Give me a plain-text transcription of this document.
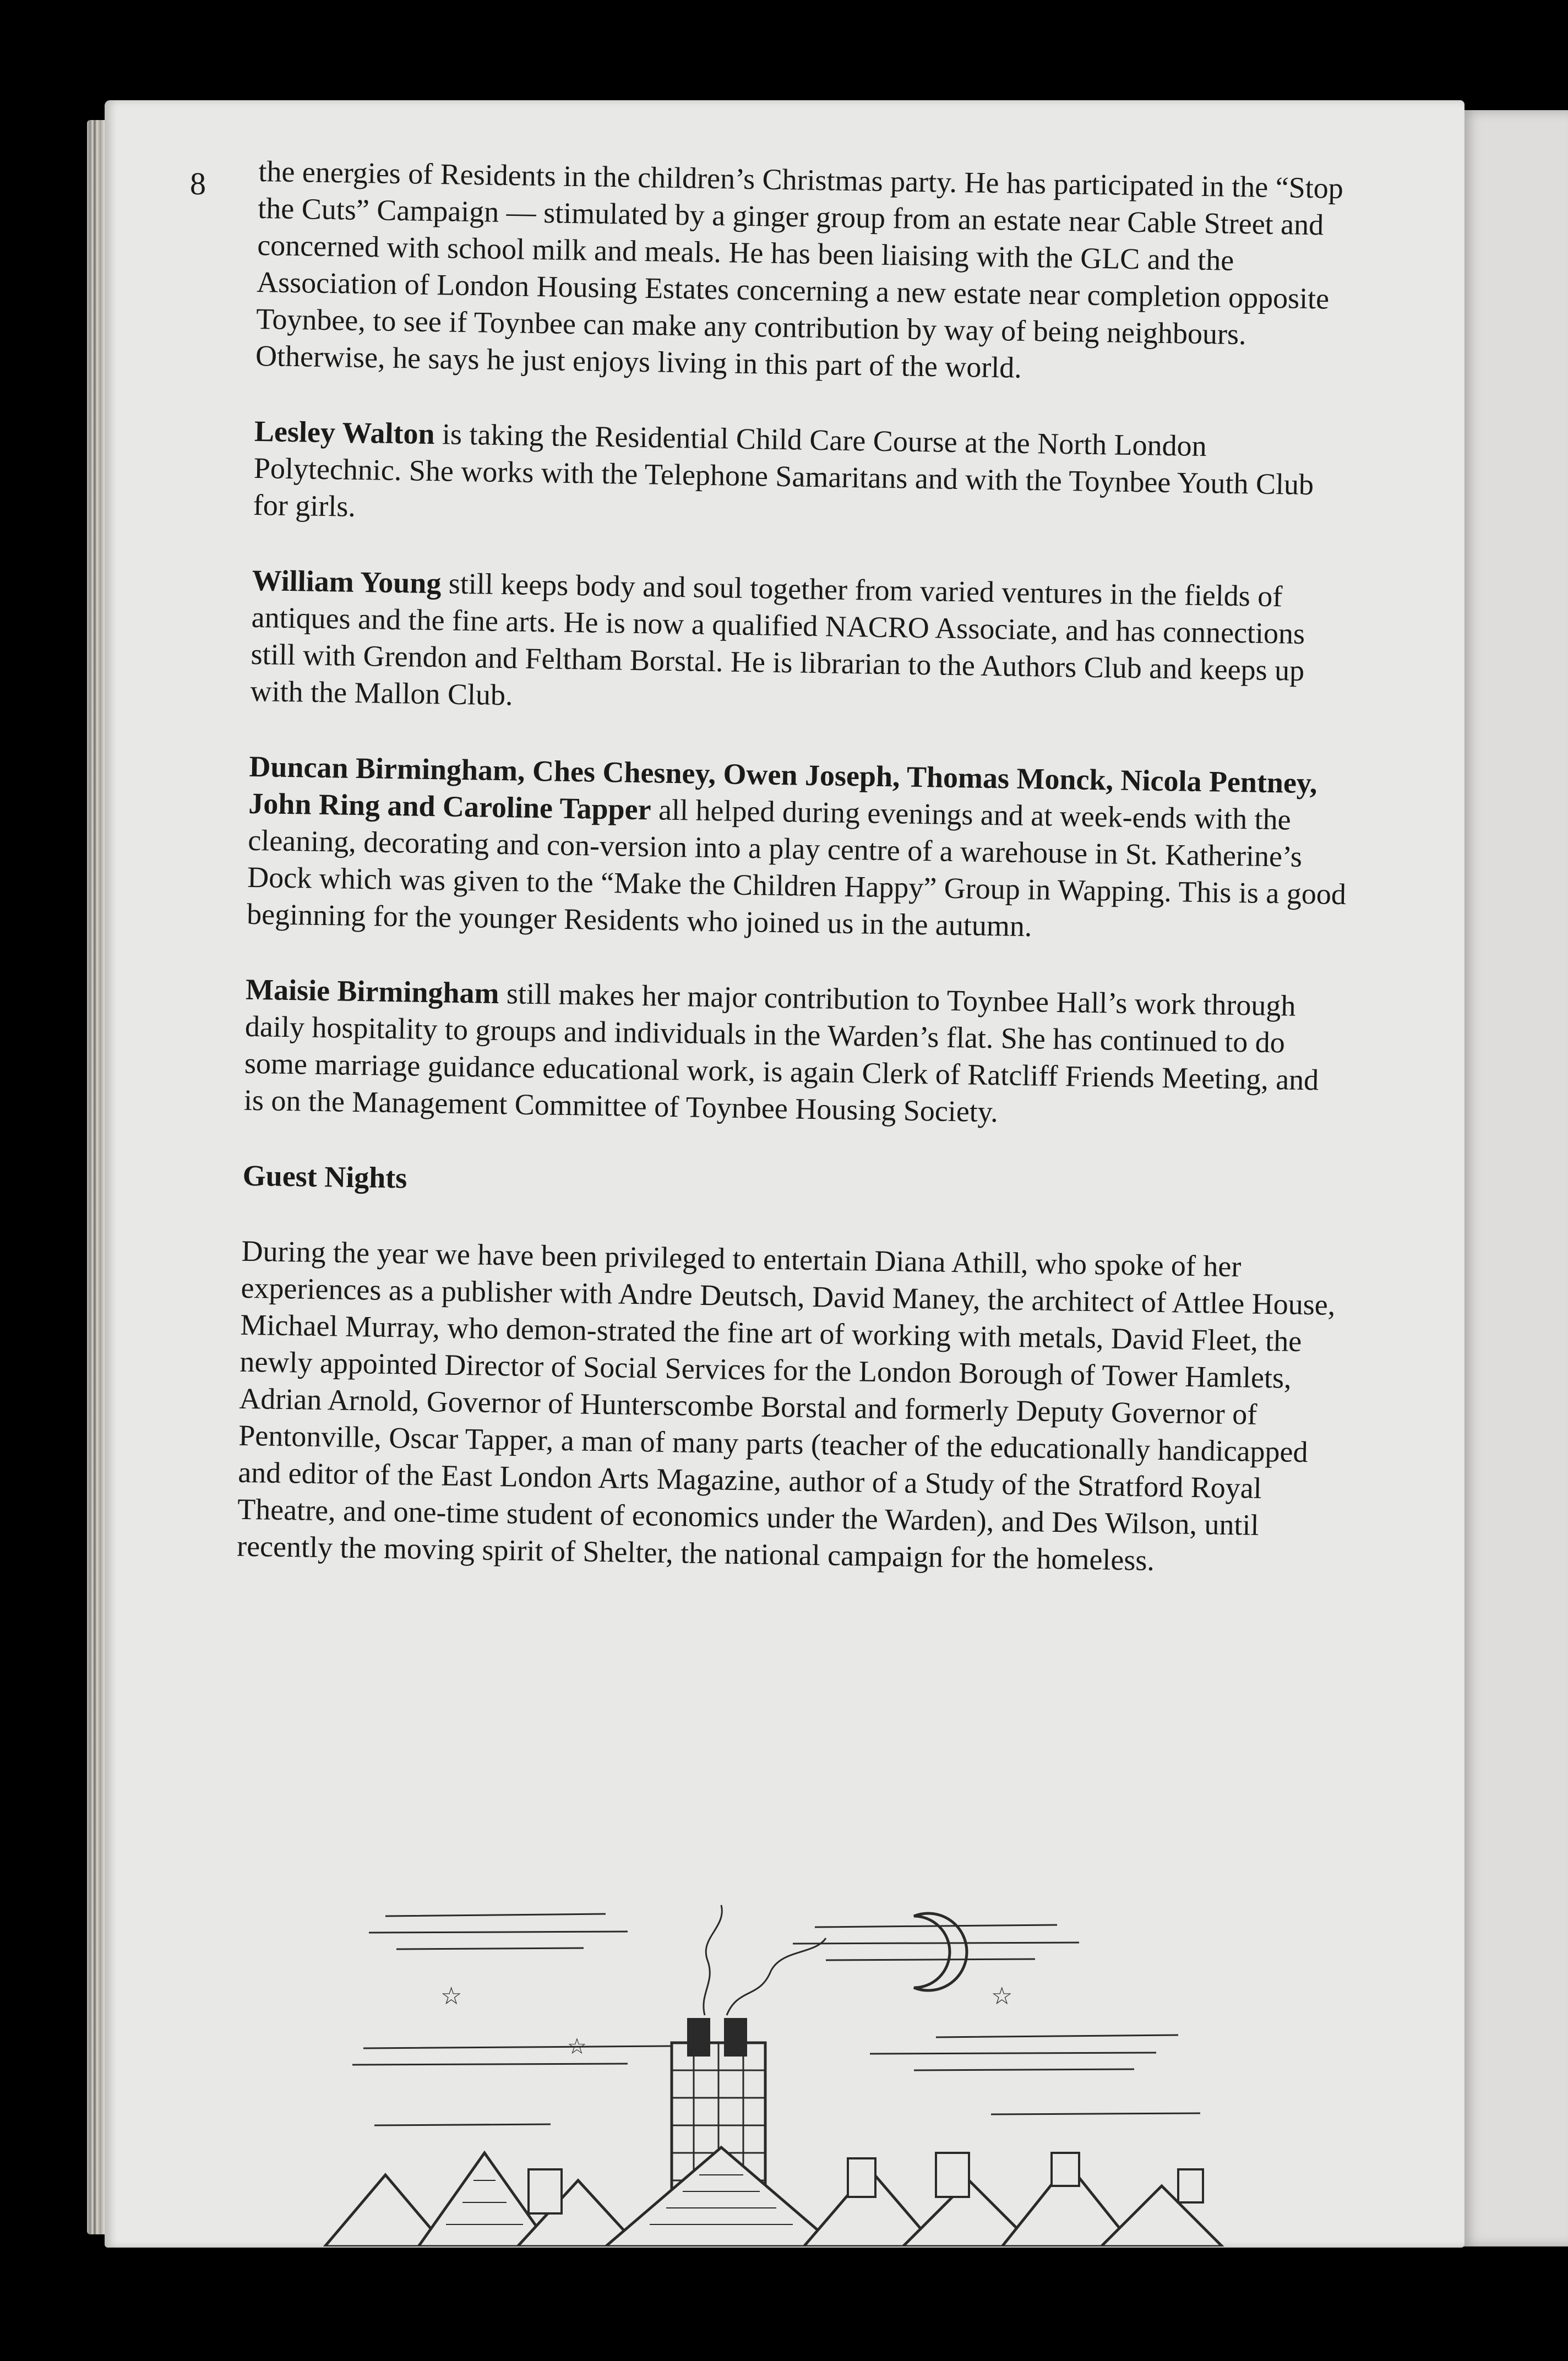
8 the energies of Residents in the children’s Christmas party. He has participated in the “Stop the Cuts” Campaign — stimulated by a ginger group from an estate near Cable Street and concerned with school milk and meals. He has been liaising with the GLC and the Association of London Housing Estates concerning a new estate near completion opposite Toynbee, to see if Toynbee can make any contribution by way of being neighbours. Otherwise, he says he just enjoys living in this part of the world.

Lesley Walton is taking the Residential Child Care Course at the North London Polytechnic. She works with the Telephone Samaritans and with the Toynbee Youth Club for girls.

William Young still keeps body and soul together from varied ventures in the fields of antiques and the fine arts. He is now a qualified NACRO Associate, and has connections still with Grendon and Feltham Borstal. He is librarian to the Authors Club and keeps up with the Mallon Club.

Duncan Birmingham, Ches Chesney, Owen Joseph, Thomas Monck, Nicola Pentney, John Ring and Caroline Tapper all helped during evenings and at week-ends with the cleaning, decorating and con-version into a play centre of a warehouse in St. Katherine’s Dock which was given to the “Make the Children Happy” Group in Wapping. This is a good beginning for the younger Residents who joined us in the autumn.

Maisie Birmingham still makes her major contribution to Toynbee Hall’s work through daily hospitality to groups and individuals in the Warden’s flat. She has continued to do some marriage guidance educational work, is again Clerk of Ratcliff Friends Meeting, and is on the Management Committee of Toynbee Housing Society.

Guest Nights

During the year we have been privileged to entertain Diana Athill, who spoke of her experiences as a publisher with Andre Deutsch, David Maney, the architect of Attlee House, Michael Murray, who demon-strated the fine art of working with metals, David Fleet, the newly appointed Director of Social Services for the London Borough of Tower Hamlets, Adrian Arnold, Governor of Hunterscombe Borstal and formerly Deputy Governor of Pentonville, Oscar Tapper, a man of many parts (teacher of the educationally handicapped and editor of the East London Arts Magazine, author of a Study of the Stratford Royal Theatre, and one-time student of economics under the Warden), and Des Wilson, until recently the moving spirit of Shelter, the national campaign for the homeless.

☆	☆
☆
